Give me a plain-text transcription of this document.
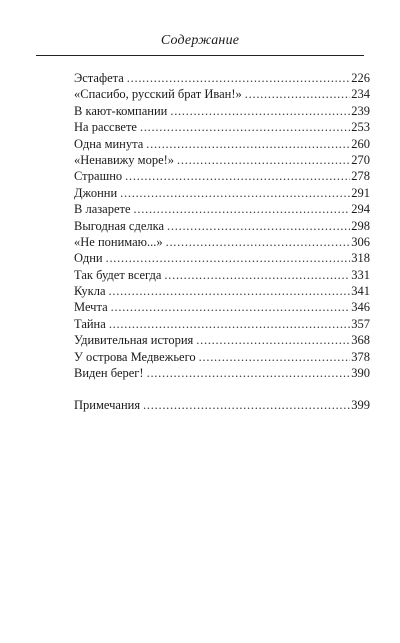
Содержание
Эстафета . . .	226
«Спасибо, русский брат Иван!» . . .	234
В кают-компании . . .	239
На рассвете . . .	253
Одна минута . . .	260
«Ненавижу море!» . . .	270
Страшно . . .	278
Джонни . . .	291
В лазарете . . .	294
Выгодная сделка . . .	298
«Не понимаю...» . . .	306
Одни . . .	318
Так будет всегда . . .	331
Кукла . . .	341
Мечта . . .	346
Тайна . . .	357
Удивительная история . . .	368
У острова Медвежьего . . .	378
Виден берег! . . .	390
Примечания . . .	399
